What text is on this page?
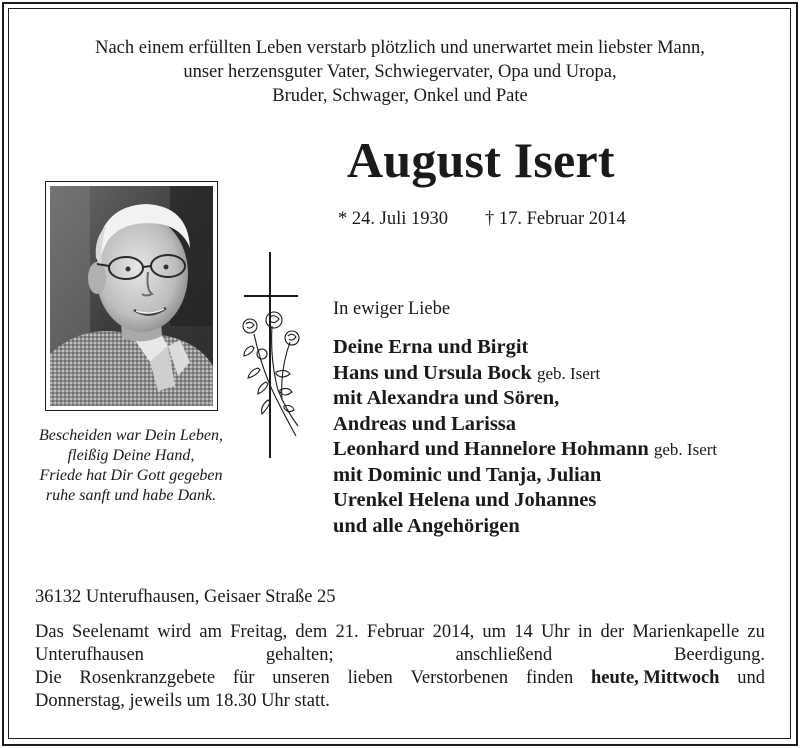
Nach einem erfüllten Leben verstarb plötzlich und unerwartet mein liebster Mann,
unser herzensguter Vater, Schwiegervater, Opa und Uropa,
Bruder, Schwager, Onkel und Pate
August Isert
* 24. Juli 1930 † 17. Februar 2014
Bescheiden war Dein Leben,
fleißig Deine Hand,
Friede hat Dir Gott gegeben
ruhe sanft und habe Dank.
In ewiger Liebe
Deine Erna und Birgit
Hans und Ursula Bock geb. Isert
mit Alexandra und Sören,
Andreas und Larissa
Leonhard und Hannelore Hohmann geb. Isert
mit Dominic und Tanja, Julian
Urenkel Helena und Johannes
und alle Angehörigen
36132 Unterufhausen, Geisaer Straße 25
Das Seelenamt wird am Freitag, dem 21. Februar 2014, um 14 Uhr in der Marienkapelle zu
Unterufhausen	gehalten;	anschließend	Beerdigung.
Die Rosenkranzgebete für unseren lieben Verstorbenen finden heute, Mittwoch und
Donnerstag, jeweils um 18.30 Uhr statt.
